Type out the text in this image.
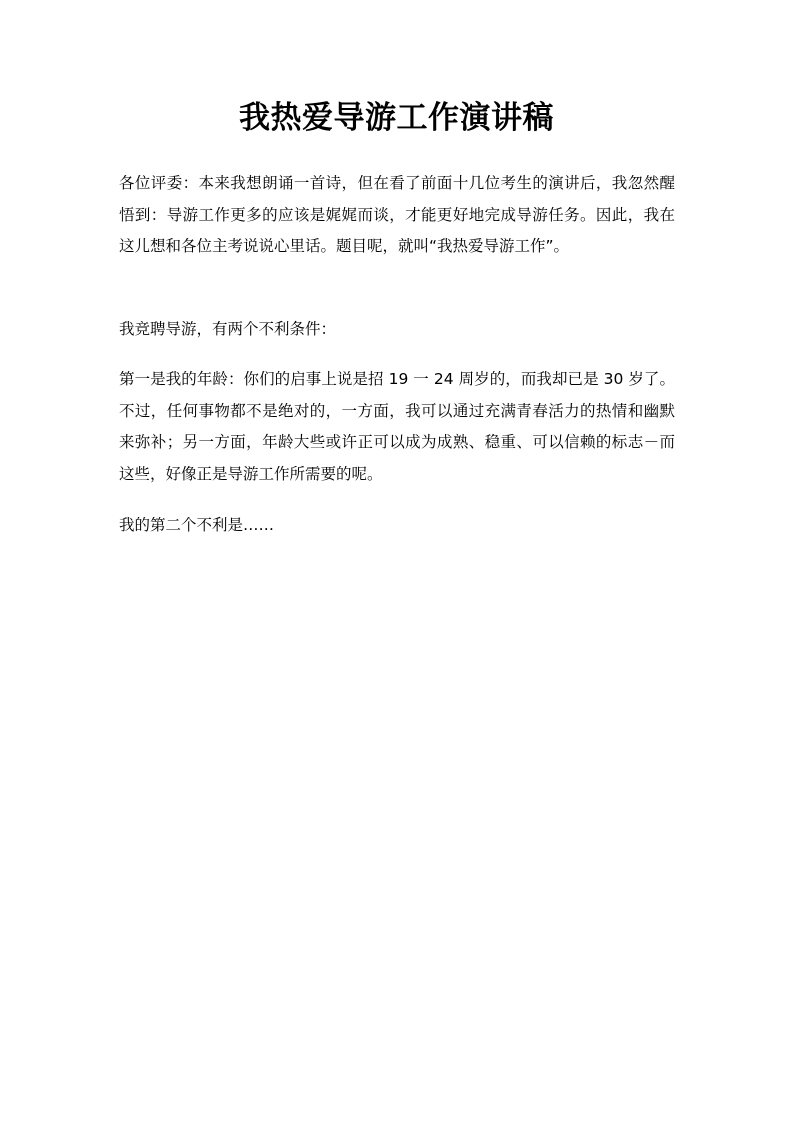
我热爱导游工作演讲稿

各位评委：本来我想朗诵一首诗，但在看了前面十几位考生的演讲后，我忽然醒悟到：导游工作更多的应该是娓娓而谈，才能更好地完成导游任务。因此，我在这儿想和各位主考说说心里话。题目呢，就叫“我热爱导游工作”。

我竞聘导游，有两个不利条件：

第一是我的年龄：你们的启事上说是招 19 一 24 周岁的，而我却已是 30 岁了。不过，任何事物都不是绝对的，一方面，我可以通过充满青春活力的热情和幽默来弥补；另一方面，年龄大些或许正可以成为成熟、稳重、可以信赖的标志－而这些，好像正是导游工作所需要的呢。

我的第二个不利是……
